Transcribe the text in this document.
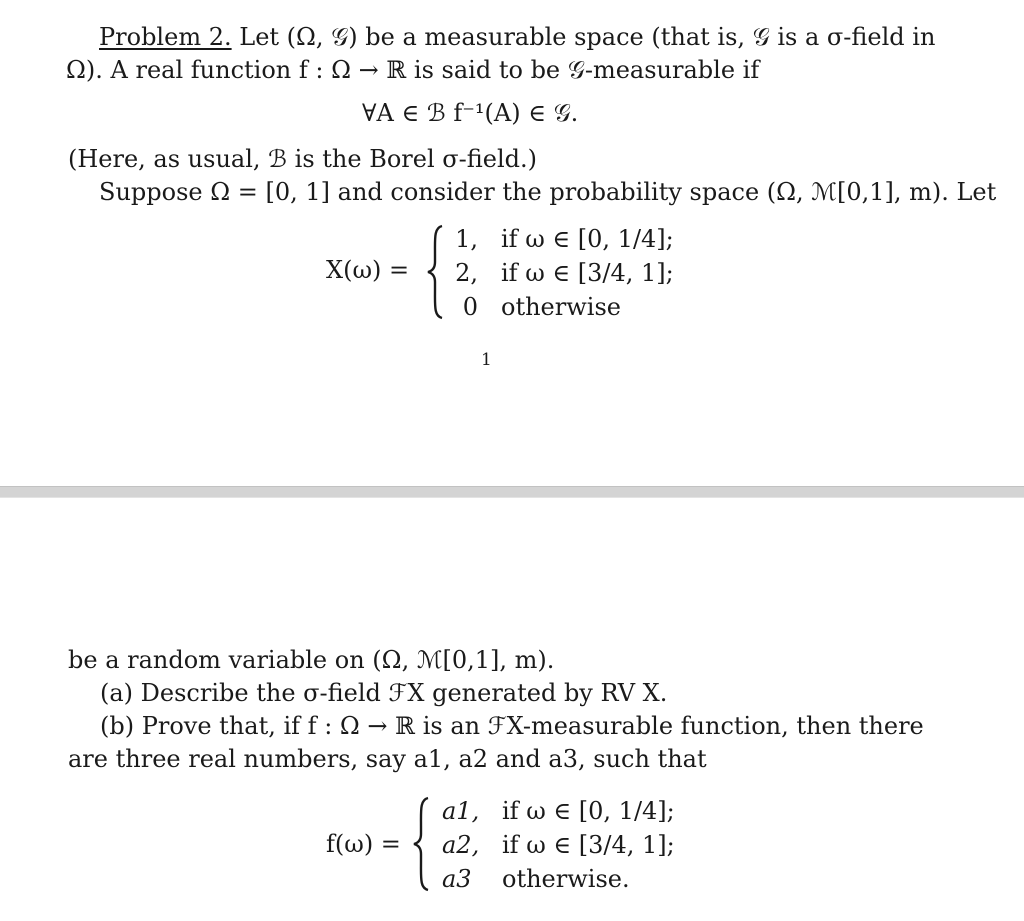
Problem 2. Let (Ω, 𝒢) be a measurable space (that is, 𝒢 is a σ-field in
Ω). A real function f : Ω → ℝ is said to be 𝒢-measurable if
∀A ∈ ℬ f⁻¹(A) ∈ 𝒢.
(Here, as usual, ℬ is the Borel σ-field.)
Suppose Ω = [0, 1] and consider the probability space (Ω, ℳ[0,1], m). Let
X(ω) =
1,
2,
0
if ω ∈ [0, 1/4];
if ω ∈ [3/4, 1];
otherwise
1
be a random variable on (Ω, ℳ[0,1], m).
(a) Describe the σ-field ℱX generated by RV X.
(b) Prove that, if f : Ω → ℝ is an ℱX-measurable function, then there
are three real numbers, say a1, a2 and a3, such that
f(ω) =
a1,
a2,
a3
if ω ∈ [0, 1/4];
if ω ∈ [3/4, 1];
otherwise.
